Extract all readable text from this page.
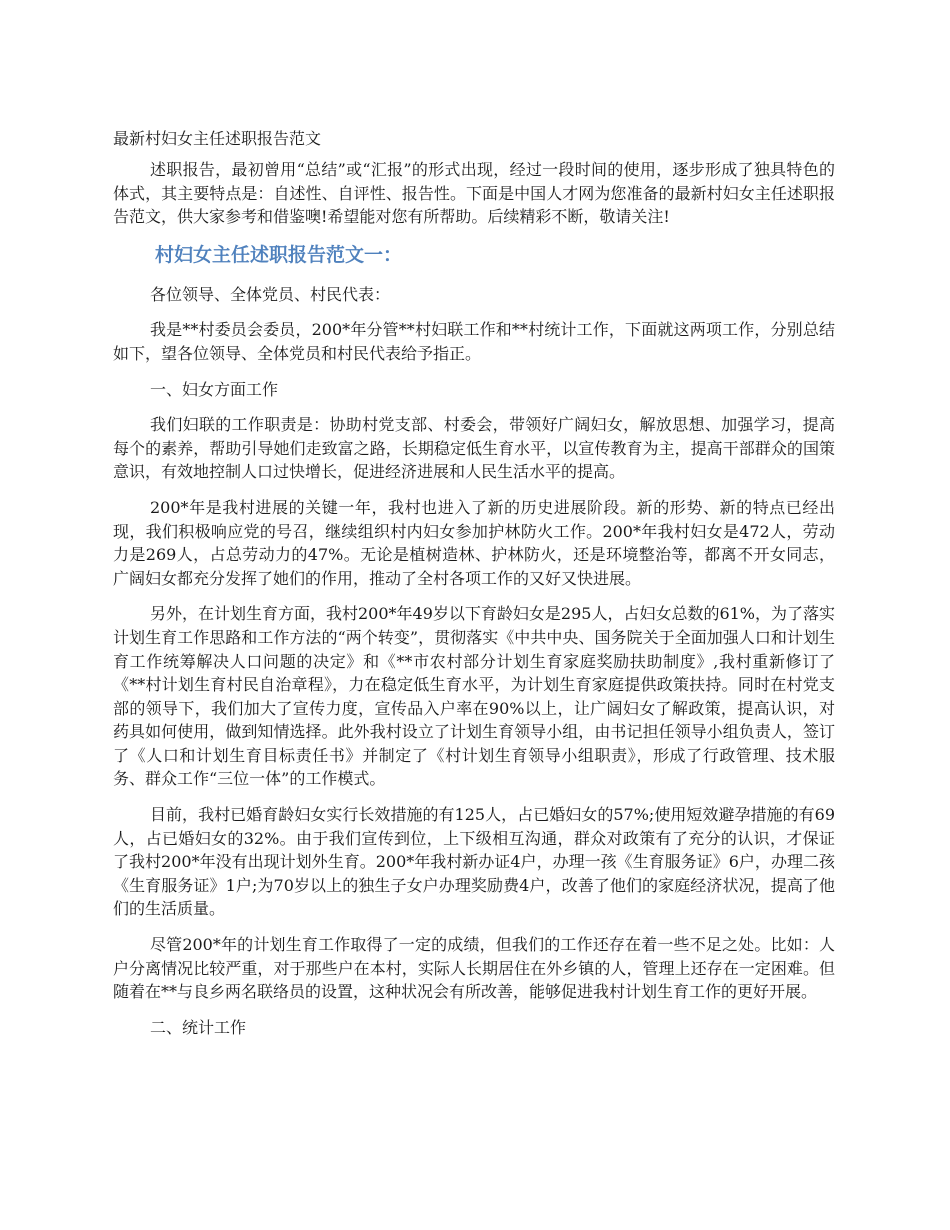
最新村妇女主任述职报告范文

述职报告，最初曾用“总结”或“汇报”的形式出现，经过一段时间的使用，逐步形成了独具特色的体式，其主要特点是：自述性、自评性、报告性。下面是中国人才网为您准备的最新村妇女主任述职报告范文，供大家参考和借鉴噢!希望能对您有所帮助。后续精彩不断，敬请关注!

村妇女主任述职报告范文一：

各位领导、全体党员、村民代表：

我是**村委员会委员，200*年分管**村妇联工作和**村统计工作，下面就这两项工作，分别总结如下，望各位领导、全体党员和村民代表给予指正。

一、妇女方面工作

我们妇联的工作职责是：协助村党支部、村委会，带领好广阔妇女，解放思想、加强学习，提高每个的素养，帮助引导她们走致富之路，长期稳定低生育水平，以宣传教育为主，提高干部群众的国策意识，有效地控制人口过快增长，促进经济进展和人民生活水平的提高。

200*年是我村进展的关键一年，我村也进入了新的历史进展阶段。新的形势、新的特点已经出现，我们积极响应党的号召，继续组织村内妇女参加护林防火工作。200*年我村妇女是472人，劳动力是269人，占总劳动力的47%。无论是植树造林、护林防火，还是环境整治等，都离不开女同志，广阔妇女都充分发挥了她们的作用，推动了全村各项工作的又好又快进展。

另外，在计划生育方面，我村200*年49岁以下育龄妇女是295人，占妇女总数的61%，为了落实计划生育工作思路和工作方法的“两个转变”，贯彻落实《中共中央、国务院关于全面加强人口和计划生育工作统筹解决人口问题的决定》和《**市农村部分计划生育家庭奖励扶助制度》,我村重新修订了《**村计划生育村民自治章程》，力在稳定低生育水平，为计划生育家庭提供政策扶持。同时在村党支部的领导下，我们加大了宣传力度，宣传品入户率在90%以上，让广阔妇女了解政策，提高认识，对药具如何使用，做到知情选择。此外我村设立了计划生育领导小组，由书记担任领导小组负责人，签订了《人口和计划生育目标责任书》并制定了《村计划生育领导小组职责》，形成了行政管理、技术服务、群众工作“三位一体”的工作模式。

目前，我村已婚育龄妇女实行长效措施的有125人，占已婚妇女的57%;使用短效避孕措施的有69人，占已婚妇女的32%。由于我们宣传到位，上下级相互沟通，群众对政策有了充分的认识，才保证了我村200*年没有出现计划外生育。200*年我村新办证4户，办理一孩《生育服务证》6户，办理二孩《生育服务证》1户;为70岁以上的独生子女户办理奖励费4户，改善了他们的家庭经济状况，提高了他们的生活质量。

尽管200*年的计划生育工作取得了一定的成绩，但我们的工作还存在着一些不足之处。比如：人户分离情况比较严重，对于那些户在本村，实际人长期居住在外乡镇的人，管理上还存在一定困难。但随着在**与良乡两名联络员的设置，这种状况会有所改善，能够促进我村计划生育工作的更好开展。

二、统计工作
